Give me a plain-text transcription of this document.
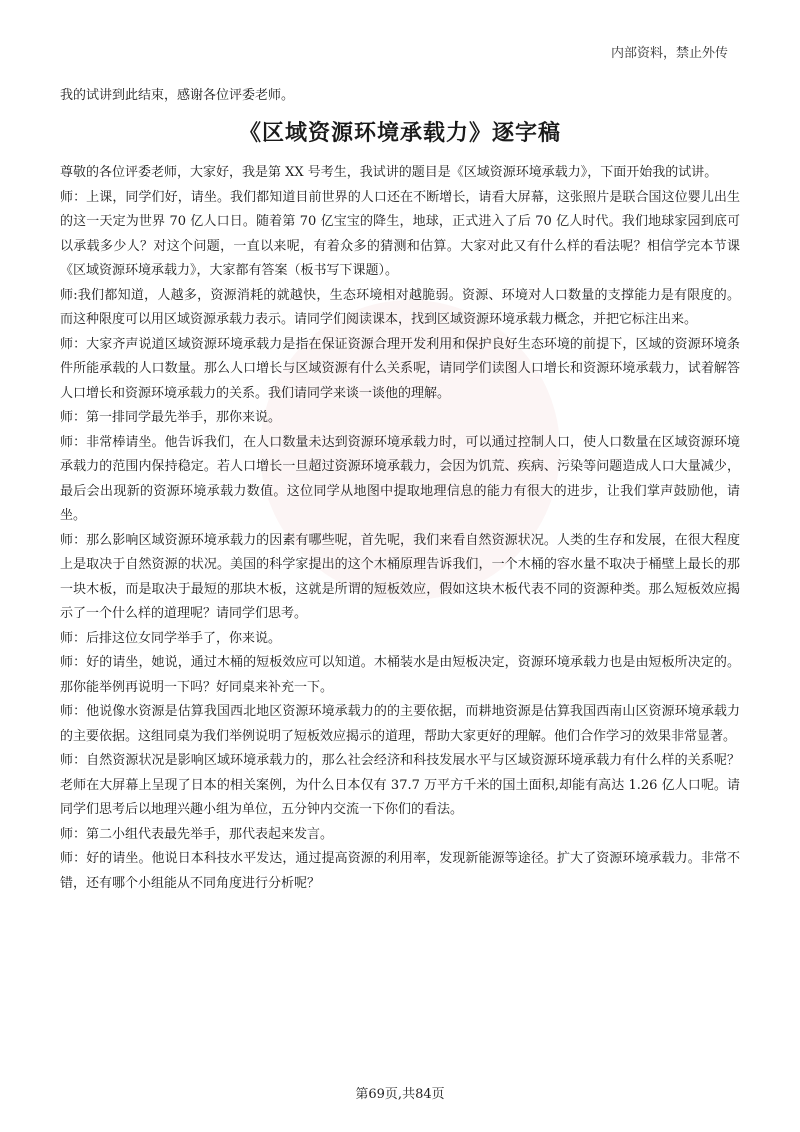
内部资料，禁止外传

我的试讲到此结束，感谢各位评委老师。

《区域资源环境承载力》逐字稿

尊敬的各位评委老师，大家好，我是第 XX 号考生，我试讲的题目是《区域资源环境承载力》，下面开始我的试讲。

师：上课，同学们好，请坐。我们都知道目前世界的人口还在不断增长，请看大屏幕，这张照片是联合国这位婴儿出生的这一天定为世界 70 亿人口日。随着第 70 亿宝宝的降生，地球，正式进入了后 70 亿人时代。我们地球家园到底可以承载多少人？对这个问题，一直以来呢，有着众多的猜测和估算。大家对此又有什么样的看法呢？相信学完本节课《区域资源环境承载力》，大家都有答案（板书写下课题）。

师:我们都知道，人越多，资源消耗的就越快，生态环境相对越脆弱。资源、环境对人口数量的支撑能力是有限度的。而这种限度可以用区域资源承载力表示。请同学们阅读课本，找到区域资源环境承载力概念，并把它标注出来。

师：大家齐声说道区域资源环境承载力是指在保证资源合理开发利用和保护良好生态环境的前提下，区域的资源环境条件所能承载的人口数量。那么人口增长与区域资源有什么关系呢，请同学们读图人口增长和资源环境承载力，试着解答人口增长和资源环境承载力的关系。我们请同学来谈一谈他的理解。

师：第一排同学最先举手，那你来说。

师：非常棒请坐。他告诉我们，在人口数量未达到资源环境承载力时，可以通过控制人口，使人口数量在区域资源环境承载力的范围内保持稳定。若人口增长一旦超过资源环境承载力，会因为饥荒、疾病、污染等问题造成人口大量减少，最后会出现新的资源环境承载力数值。这位同学从地图中提取地理信息的能力有很大的进步，让我们掌声鼓励他，请坐。

师：那么影响区域资源环境承载力的因素有哪些呢，首先呢，我们来看自然资源状况。人类的生存和发展，在很大程度上是取决于自然资源的状况。美国的科学家提出的这个木桶原理告诉我们，一个木桶的容水量不取决于桶壁上最长的那一块木板，而是取决于最短的那块木板，这就是所谓的短板效应，假如这块木板代表不同的资源种类。那么短板效应揭示了一个什么样的道理呢？请同学们思考。

师：后排这位女同学举手了，你来说。

师：好的请坐，她说，通过木桶的短板效应可以知道。木桶装水是由短板决定，资源环境承载力也是由短板所决定的。那你能举例再说明一下吗？好同桌来补充一下。

师：他说像水资源是估算我国西北地区资源环境承载力的的主要依据，而耕地资源是估算我国西南山区资源环境承载力的主要依据。这组同桌为我们举例说明了短板效应揭示的道理，帮助大家更好的理解。他们合作学习的效果非常显著。

师：自然资源状况是影响区域环境承载力的，那么社会经济和科技发展水平与区域资源环境承载力有什么样的关系呢？老师在大屏幕上呈现了日本的相关案例，为什么日本仅有 37.7 万平方千米的国土面积,却能有高达 1.26 亿人口呢。请同学们思考后以地理兴趣小组为单位，五分钟内交流一下你们的看法。

师：第二小组代表最先举手，那代表起来发言。

师：好的请坐。他说日本科技水平发达，通过提高资源的利用率，发现新能源等途径。扩大了资源环境承载力。非常不错，还有哪个小组能从不同角度进行分析呢？

第69页,共84页
